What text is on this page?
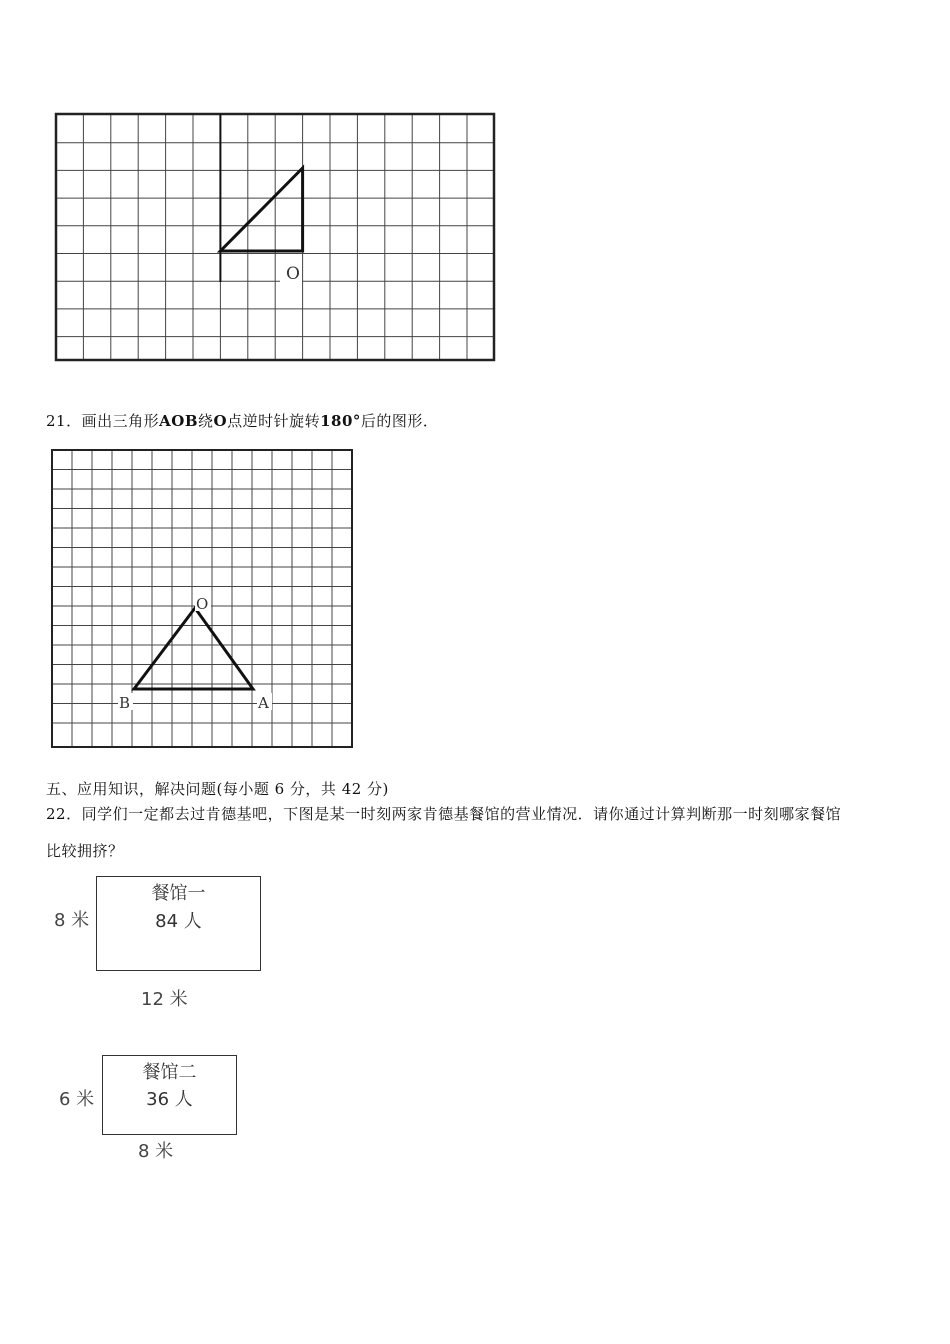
O
21．画出三角形AOB绕O点逆时针旋转180°后的图形．
O
A
B
五、应用知识，解决问题(每小题 6 分，共 42 分)
22．同学们一定都去过肯德基吧，下图是某一时刻两家肯德基餐馆的营业情况．请你通过计算判断那一时刻哪家餐馆
比较拥挤？
餐馆一
84 人
8 米
12 米
餐馆二
36 人
6 米
8 米
